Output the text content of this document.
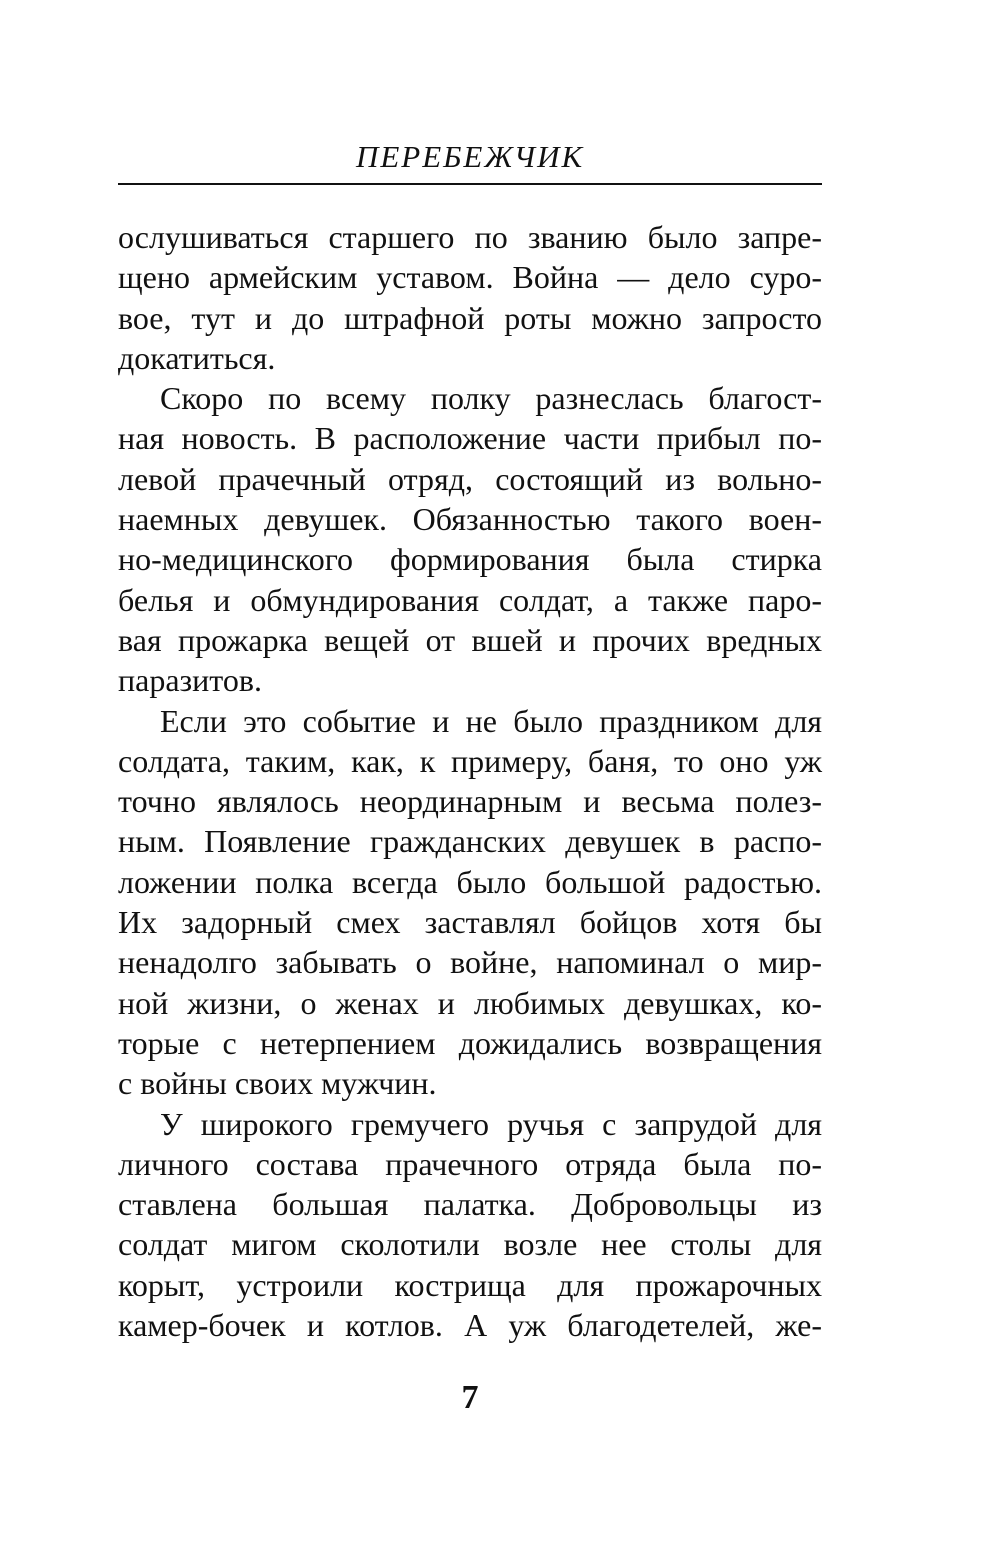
ПЕРЕБЕЖЧИК
ослушиваться старшего по званию было запре-
щено армейским уставом. Война — дело суро-
вое, тут и до штрафной роты можно запросто
докатиться.
Скоро по всему полку разнеслась благост-
ная новость. В расположение части прибыл по-
левой прачечный отряд, состоящий из вольно-
наемных девушек. Обязанностью такого воен-
но-медицинского формирования была стирка
белья и обмундирования солдат, а также паро-
вая прожарка вещей от вшей и прочих вредных
паразитов.
Если это событие и не было праздником для
солдата, таким, как, к примеру, баня, то оно уж
точно являлось неординарным и весьма полез-
ным. Появление гражданских девушек в распо-
ложении полка всегда было большой радостью.
Их задорный смех заставлял бойцов хотя бы
ненадолго забывать о войне, напоминал о мир-
ной жизни, о женах и любимых девушках, ко-
торые с нетерпением дожидались возвращения
с войны своих мужчин.
У широкого гремучего ручья с запрудой для
личного состава прачечного отряда была по-
ставлена большая палатка. Добровольцы из
солдат мигом сколотили возле нее столы для
корыт, устроили кострища для прожарочных
камер-бочек и котлов. А уж благодетелей, же-
7
